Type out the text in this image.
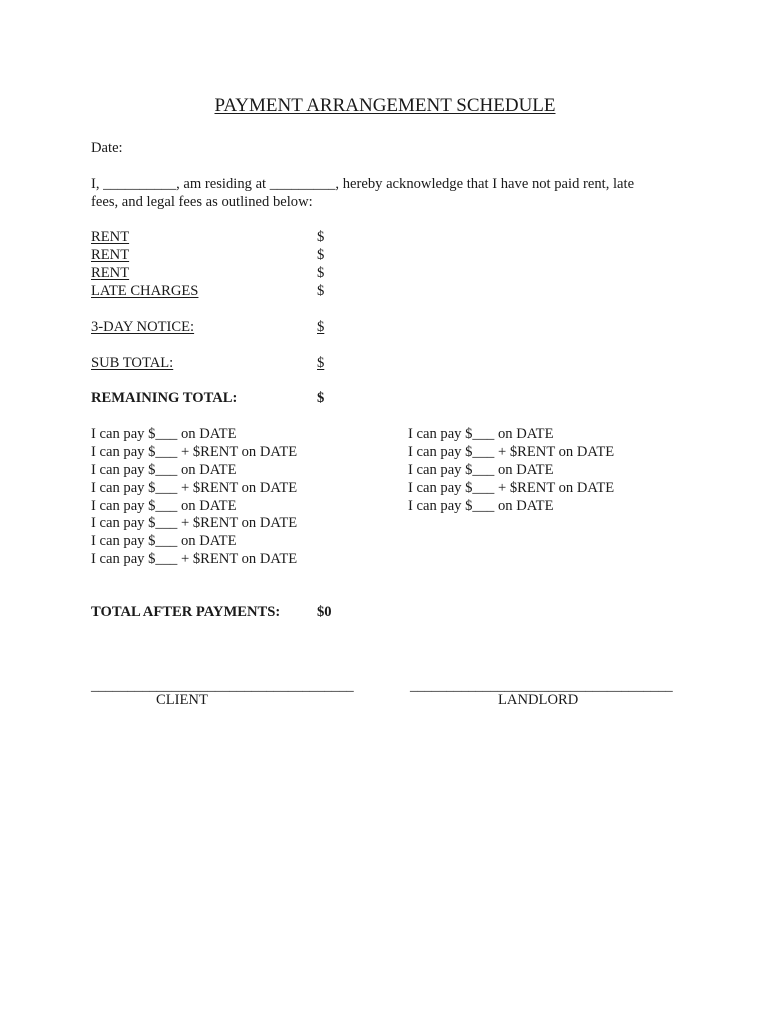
PAYMENT ARRANGEMENT SCHEDULE
Date:
I, __________, am residing at _________, hereby acknowledge that I have not paid rent, late
fees, and legal fees as outlined below:
RENT	$
RENT	$
RENT	$
LATE CHARGES	$
3-DAY NOTICE:	$
SUB TOTAL:	$
REMAINING TOTAL:	$
I can pay $___ on DATE
I can pay $___ + $RENT on DATE
I can pay $___ on DATE
I can pay $___ + $RENT on DATE
I can pay $___ on DATE
I can pay $___ + $RENT on DATE
I can pay $___ on DATE
I can pay $___ + $RENT on DATE
I can pay $___ on DATE
I can pay $___ + $RENT on DATE
I can pay $___ on DATE
I can pay $___ + $RENT on DATE
I can pay $___ on DATE
TOTAL AFTER PAYMENTS:	$0
____________________________________	____________________________________
CLIENT	LANDLORD
